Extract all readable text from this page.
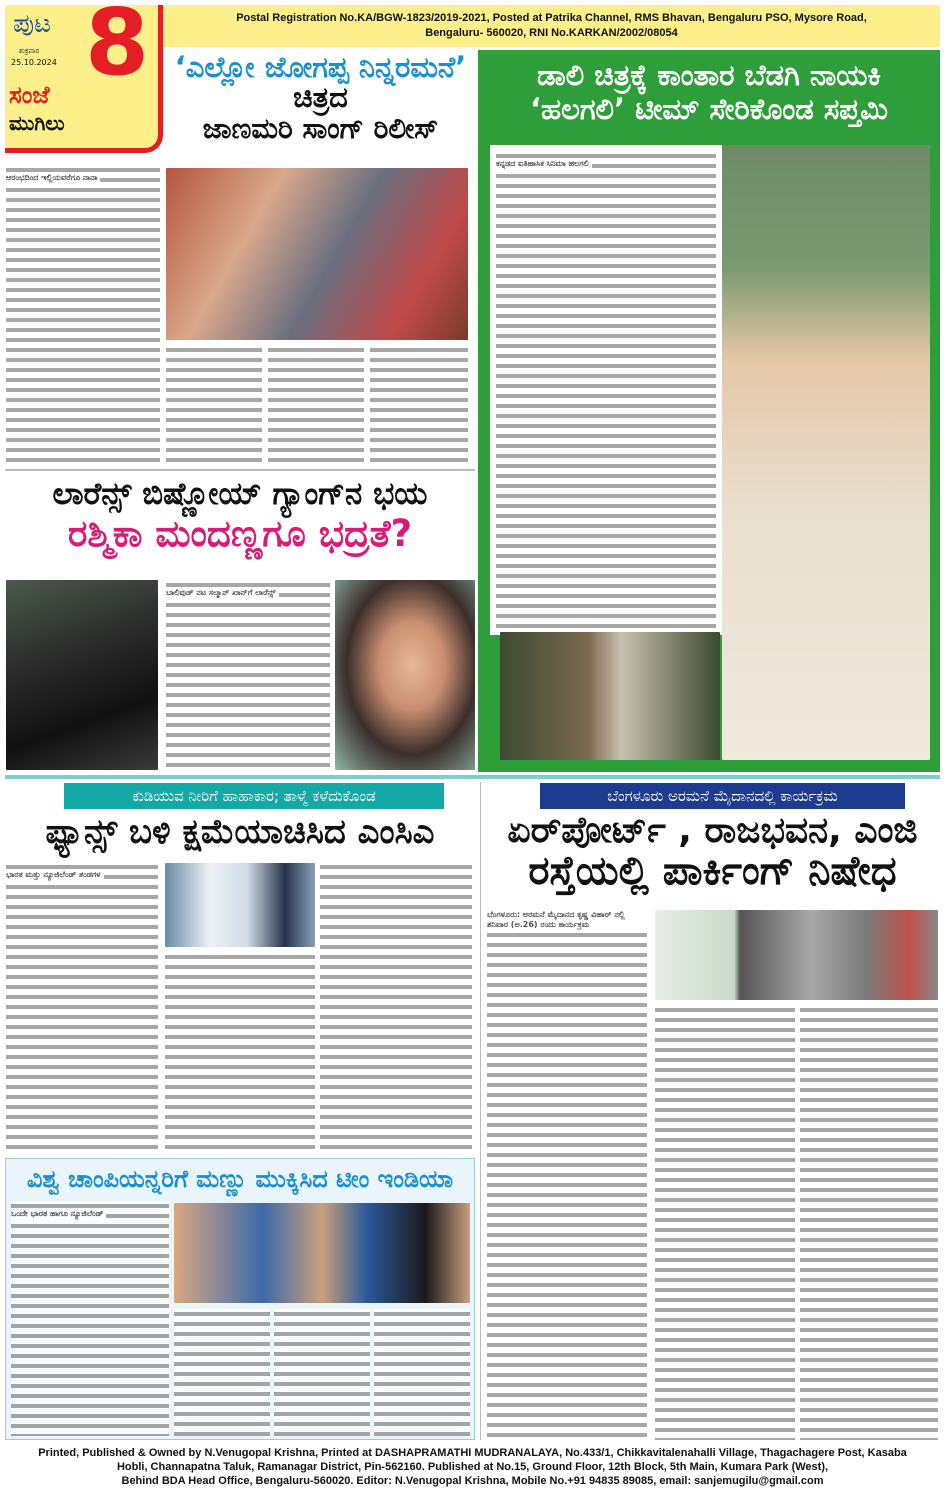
ಪುಟ 8
ಶುಕ್ರವಾರ
25.10.2024
ಸಂಜೆ
ಮುಗಿಲು
Postal Registration No.KA/BGW-1823/2019-2021, Posted at Patrika Channel, RMS Bhavan, Bengaluru PSO, Mysore Road,
Bengaluru- 560020, RNI No.KARKAN/2002/08054
‘ಎಲ್ಲೋ ಜೋಗಪ್ಪ ನಿನ್ನರಮನೆ’ ಚಿತ್ರದ
ಜಾಣಮರಿ ಸಾಂಗ್ ರಿಲೀಸ್
ಆರಂಭದಿಂದ ಇಲ್ಲಿಯವರೆಗೂ ನಾನಾ
ಲಾರೆನ್ಸ್ ಬಿಷ್ಣೋಯ್ ಗ್ಯಾಂಗ್‌ನ ಭಯ
ರಶ್ಮಿಕಾ ಮಂದಣ್ಣಗೂ ಭದ್ರತೆ?
ಬಾಲಿವುಡ್ ನಟ ಸಲ್ಮಾನ್ ಖಾನ್‌ಗೆ ಲಾರೆನ್ಸ್
ಡಾಲಿ ಚಿತ್ರಕ್ಕೆ ಕಾಂತಾರ ಬೆಡಗಿ ನಾಯಕಿ
‘ಹಲಗಲಿ’ ಟೀಮ್ ಸೇರಿಕೊಂಡ ಸಪ್ತಮಿ
ಕನ್ನಡದ ಐತಿಹಾಸಿಕ ಸಿನಿಮಾ ಹಲಗಲಿ
ಕುಡಿಯುವ ನೀರಿಗೆ ಹಾಹಾಕಾರ; ತಾಳ್ಮೆ ಕಳೆದುಕೊಂಡ
ಫ್ಯಾನ್ಸ್ ಬಳಿ ಕ್ಷಮೆಯಾಚಿಸಿದ ಎಂಸಿಎ
ಭಾರತ ಮತ್ತು ನ್ಯೂಜಿಲೆಂಡ್ ತಂಡಗಳ
ವಿಶ್ವ ಚಾಂಪಿಯನ್ನರಿಗೆ ಮಣ್ಣು ಮುಕ್ಕಿಸಿದ ಟೀಂ ಇಂಡಿಯಾ
ಒಂದೇ ಭಾರತ ಹಾಗೂ ನ್ಯೂಜಿಲೆಂಡ್
ಬೆಂಗಳೂರು ಅರಮನೆ ಮೈದಾನದಲ್ಲಿ ಕಾರ್ಯಕ್ರಮ
ಏರ್‌ಪೋರ್ಟ್ , ರಾಜಭವನ, ಎಂಜಿ
ರಸ್ತೆಯಲ್ಲಿ ಪಾರ್ಕಿಂಗ್ ನಿಷೇಧ
ಬೆಂಗಳೂರು: ಅರಮನೆ ಮೈದಾನದ ಕೃಷ್ಣ ವಿಹಾರ್ ನಲ್ಲಿ ಶನಿವಾರ (ಅ.26) ರಂದು ಕಾರ್ಯಕ್ರಮ
Printed, Published & Owned by N.Venugopal Krishna, Printed at DASHAPRAMATHI MUDRANALAYA, No.433/1, Chikkavitalenahalli Village, Thagachagere Post, Kasaba
Hobli, Channapatna Taluk, Ramanagar District, Pin-562160. Published at No.15, Ground Floor, 12th Block, 5th Main, Kumara Park (West),
Behind BDA Head Office, Bengaluru-560020. Editor: N.Venugopal Krishna, Mobile No.+91 94835 89085, email: sanjemugilu@gmail.com
